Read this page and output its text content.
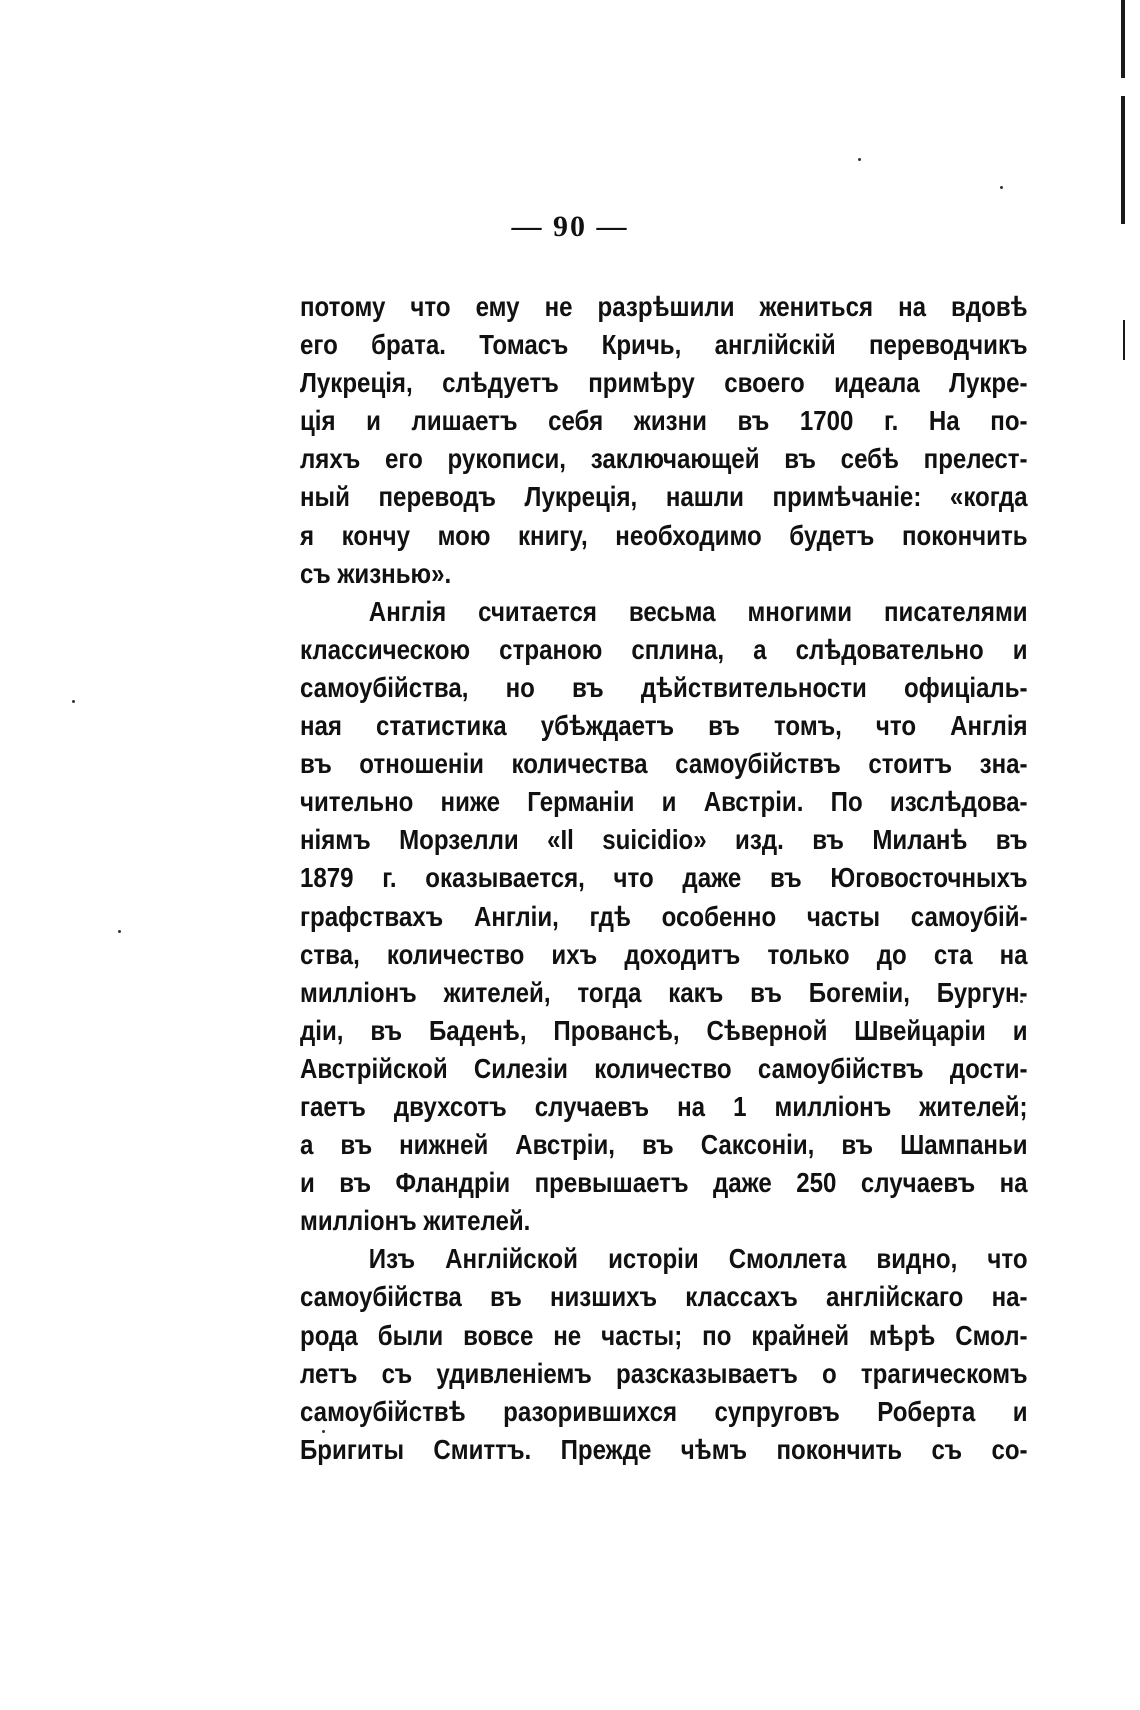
— 90 —
потому что ему не разрѣшили жениться на вдовѣ
его брата. Томасъ Кричь, англійскій переводчикъ
Лукреція, слѣдуетъ примѣру своего идеала Лукре-
ція и лишаетъ себя жизни въ 1700 г. На по-
ляхъ его рукописи, заключающей въ себѣ прелест-
ный переводъ Лукреція, нашли примѣчаніе: «когда
я кончу мою книгу, необходимо будетъ покончить
съ жизнью».
Англія считается весьма многими писателями
классическою страною сплина, а слѣдовательно и
самоубійства, но въ дѣйствительности офиціаль-
ная статистика убѣждаетъ въ томъ, что Англія
въ отношеніи количества самоубійствъ стоитъ зна-
чительно ниже Германіи и Австріи. По изслѣдова-
ніямъ Морзелли «Il suicidio» изд. въ Миланѣ въ
1879 г. оказывается, что даже въ Юговосточныхъ
графствахъ Англіи, гдѣ особенно часты самоубій-
ства, количество ихъ доходитъ только до ста на
милліонъ жителей, тогда какъ въ Богеміи, Бургун-
діи, въ Баденѣ, Провансѣ, Сѣверной Швейцаріи и
Австрійской Силезіи количество самоубійствъ дости-
гаетъ двухсотъ случаевъ на 1 милліонъ жителей;
а въ нижней Австріи, въ Саксоніи, въ Шампаньи
и въ Фландріи превышаетъ даже 250 случаевъ на
милліонъ жителей.
Изъ Англійской исторіи Смоллета видно, что
самоубійства въ низшихъ классахъ англійскаго на-
рода были вовсе не часты; по крайней мѣрѣ Смол-
летъ съ удивленіемъ разсказываетъ о трагическомъ
самоубійствѣ разорившихся супруговъ Роберта и
Бригиты Смиттъ. Прежде чѣмъ покончить съ со-
